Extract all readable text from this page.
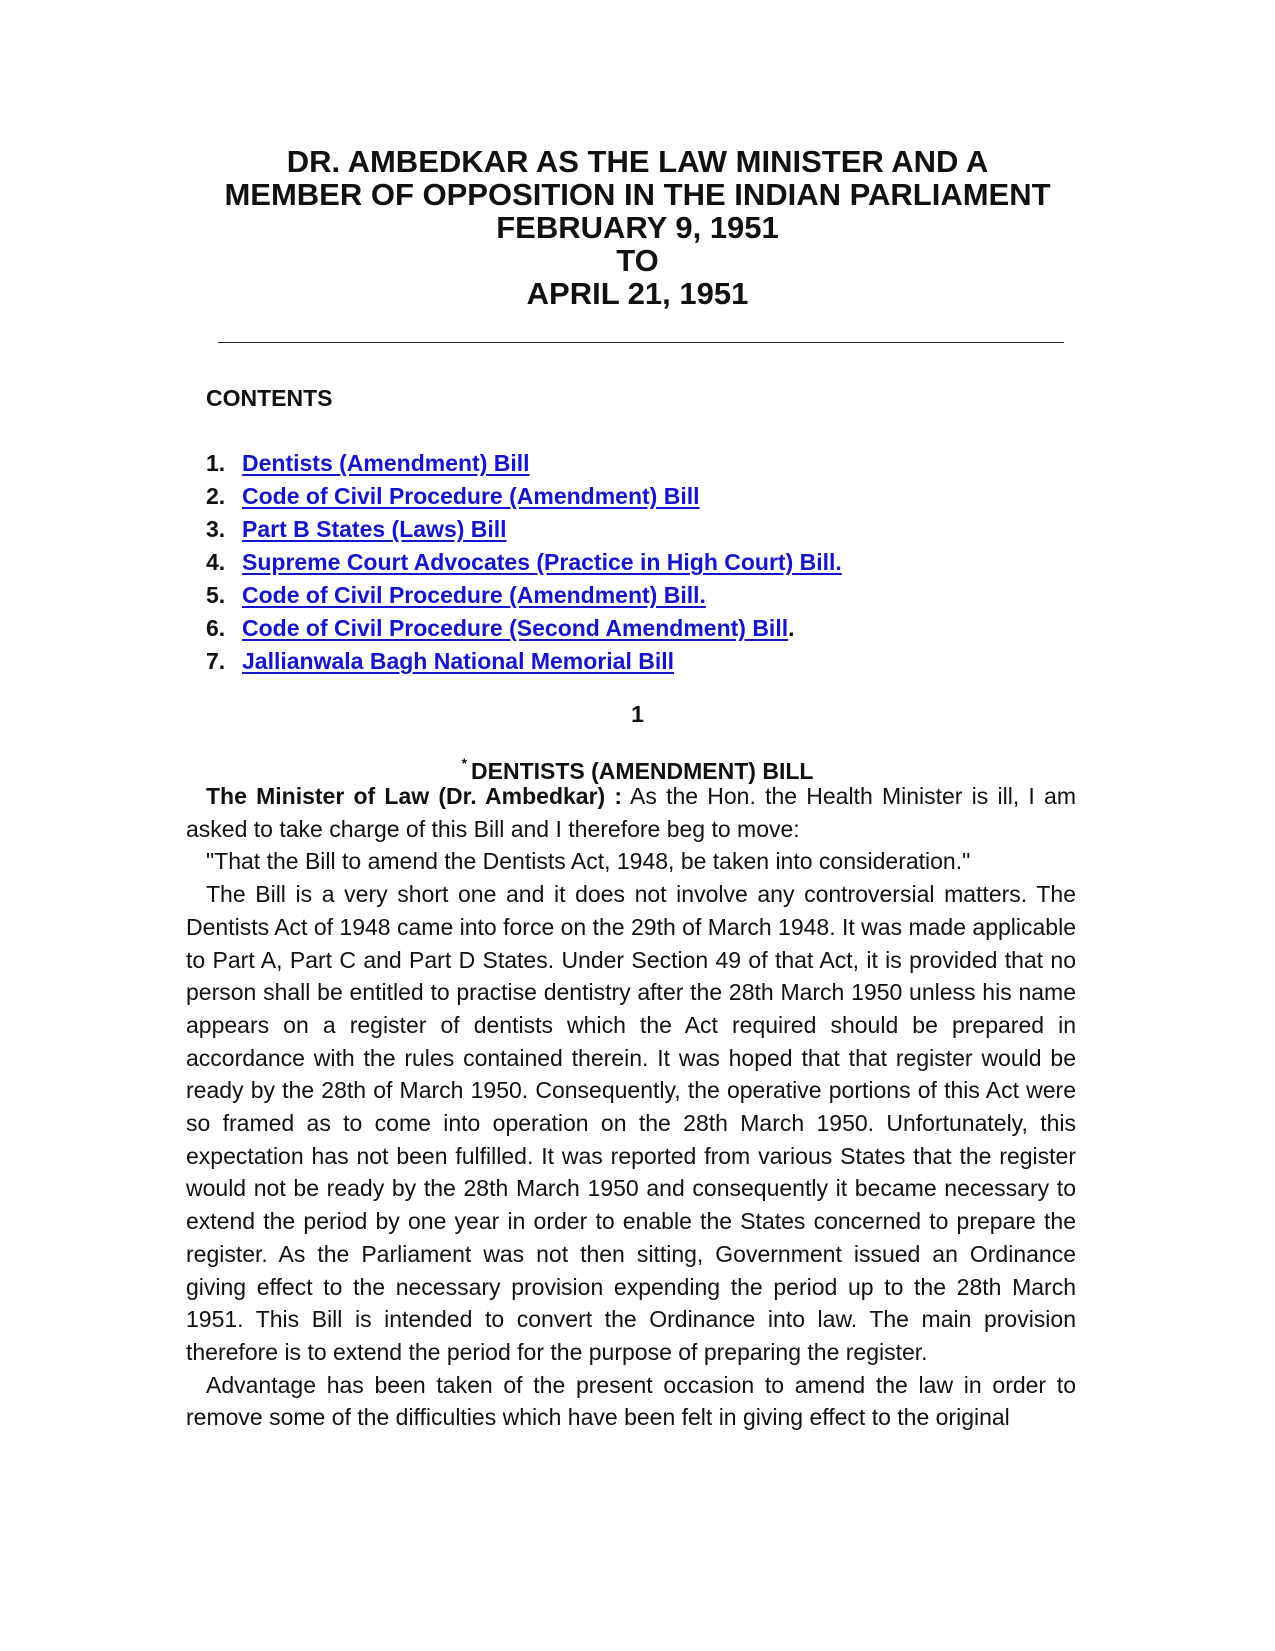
DR. AMBEDKAR AS THE LAW MINISTER AND A
MEMBER OF OPPOSITION IN THE INDIAN PARLIAMENT
FEBRUARY 9, 1951
TO
APRIL 21, 1951
CONTENTS
1. Dentists (Amendment) Bill
2. Code of Civil Procedure (Amendment) Bill
3. Part B States (Laws) Bill
4. Supreme Court Advocates (Practice in High Court) Bill.
5. Code of Civil Procedure (Amendment) Bill.
6. Code of Civil Procedure (Second Amendment) Bill.
7. Jallianwala Bagh National Memorial Bill
1
* DENTISTS (AMENDMENT) BILL

The Minister of Law (Dr. Ambedkar) : As the Hon. the Health Minister is ill, I am asked to take charge of this Bill and I therefore beg to move:

"That the Bill to amend the Dentists Act, 1948, be taken into consideration."

The Bill is a very short one and it does not involve any controversial matters. The Dentists Act of 1948 came into force on the 29th of March 1948. It was made applicable to Part A, Part C and Part D States. Under Section 49 of that Act, it is provided that no person shall be entitled to practise dentistry after the 28th March 1950 unless his name appears on a register of dentists which the Act required should be prepared in accordance with the rules contained therein. It was hoped that that register would be ready by the 28th of March 1950. Consequently, the operative portions of this Act were so framed as to come into operation on the 28th March 1950. Unfortunately, this expectation has not been fulfilled. It was reported from various States that the register would not be ready by the 28th March 1950 and consequently it became necessary to extend the period by one year in order to enable the States concerned to prepare the register. As the Parliament was not then sitting, Government issued an Ordinance giving effect to the necessary provision expending the period up to the 28th March 1951. This Bill is intended to convert the Ordinance into law. The main provision therefore is to extend the period for the purpose of preparing the register.

Advantage has been taken of the present occasion to amend the law in order to remove some of the difficulties which have been felt in giving effect to the original
